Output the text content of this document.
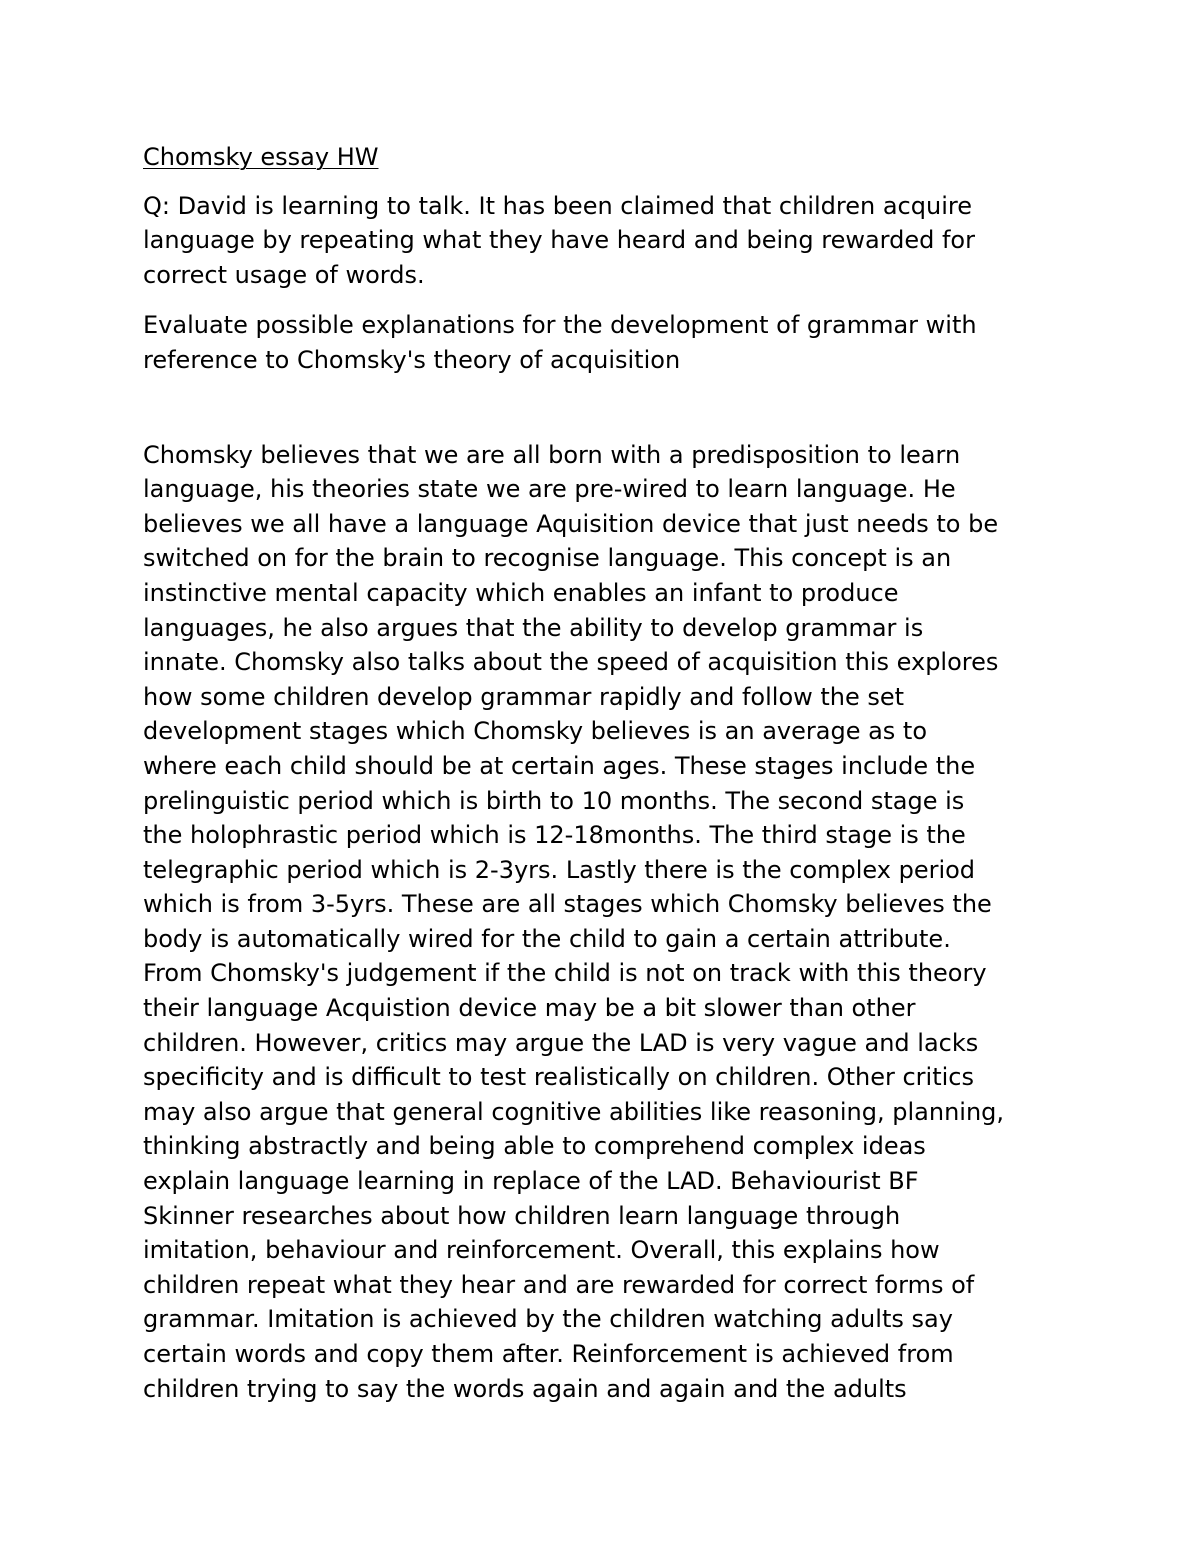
Chomsky essay HW

Q: David is learning to talk. It has been claimed that children acquire
language by repeating what they have heard and being rewarded for
correct usage of words.

Evaluate possible explanations for the development of grammar with
reference to Chomsky's theory of acquisition

Chomsky believes that we are all born with a predisposition to learn
language, his theories state we are pre-wired to learn language. He
believes we all have a language Aquisition device that just needs to be
switched on for the brain to recognise language. This concept is an
instinctive mental capacity which enables an infant to produce
languages, he also argues that the ability to develop grammar is
innate. Chomsky also talks about the speed of acquisition this explores
how some children develop grammar rapidly and follow the set
development stages which Chomsky believes is an average as to
where each child should be at certain ages. These stages include the
prelinguistic period which is birth to 10 months. The second stage is
the holophrastic period which is 12-18months. The third stage is the
telegraphic period which is 2-3yrs. Lastly there is the complex period
which is from 3-5yrs. These are all stages which Chomsky believes the
body is automatically wired for the child to gain a certain attribute.
From Chomsky's judgement if the child is not on track with this theory
their language Acquistion device may be a bit slower than other
children. However, critics may argue the LAD is very vague and lacks
specificity and is difficult to test realistically on children. Other critics
may also argue that general cognitive abilities like reasoning, planning,
thinking abstractly and being able to comprehend complex ideas
explain language learning in replace of the LAD. Behaviourist BF
Skinner researches about how children learn language through
imitation, behaviour and reinforcement. Overall, this explains how
children repeat what they hear and are rewarded for correct forms of
grammar. Imitation is achieved by the children watching adults say
certain words and copy them after. Reinforcement is achieved from
children trying to say the words again and again and the adults
